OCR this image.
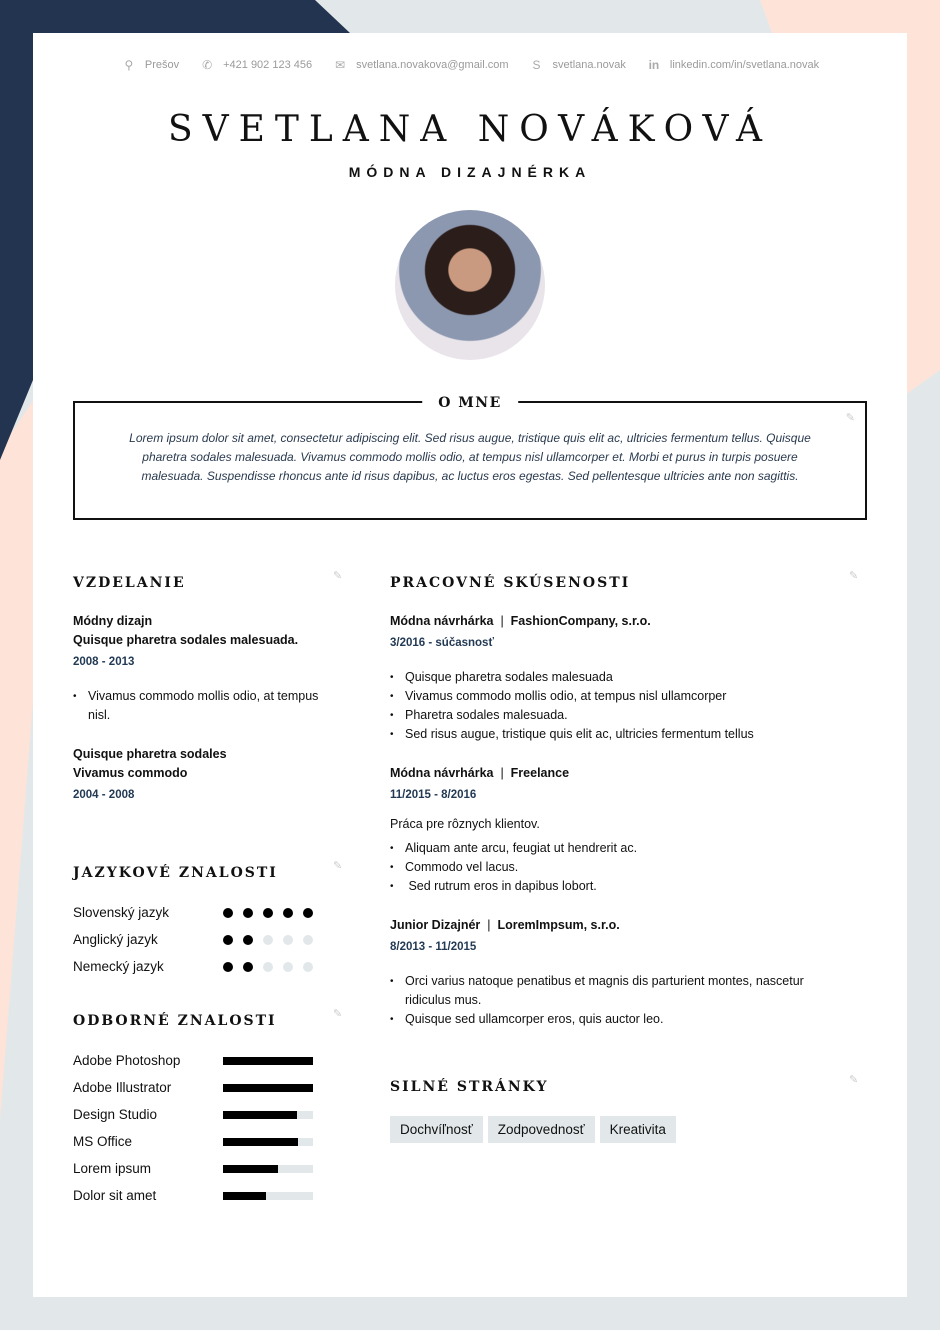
⚲	Prešov ✆ +421 902 123 456 ✉ svetlana.novakova@gmail.com	S	svetlana.novak in linkedin.com/in/svetlana.novak
SVETLANA NOVÁKOVÁ
MÓDNA DIZAJNÉRKA
O MNE
✎

Lorem ipsum dolor sit amet, consectetur adipiscing elit. Sed risus augue, tristique quis elit ac, ultricies fermentum tellus. Quisque pharetra sodales malesuada. Vivamus commodo mollis odio, at tempus nisl ullamcorper et. Morbi et purus in turpis posuere malesuada. Suspendisse rhoncus ante id risus dapibus, ac luctus eros egestas. Sed pellentesque ultricies ante non sagittis.

VZDELANIE	✎
Módny dizajn
Quisque pharetra sodales malesuada.
2008 - 2013
• Vivamus commodo mollis odio, at tempus nisl.
Quisque pharetra sodales
Vivamus commodo
2004 - 2008
JAZYKOVÉ ZNALOSTI	✎
Slovenský jazyk
Anglický jazyk
Nemecký jazyk
ODBORNÉ ZNALOSTI	✎
Adobe Photoshop
Adobe Illustrator
Design Studio
MS Office
Lorem ipsum
Dolor sit amet
PRACOVNÉ SKÚSENOSTI	✎
Módna návrhárka | FashionCompany, s.r.o.
3/2016 - súčasnosť
• Quisque pharetra sodales malesuada
• Vivamus commodo mollis odio, at tempus nisl ullamcorper
• Pharetra sodales malesuada.
• Sed risus augue, tristique quis elit ac, ultricies fermentum tellus
Módna návrhárka | Freelance
11/2015 - 8/2016
Práca pre rôznych klientov.
• Aliquam ante arcu, feugiat ut hendrerit ac.
• Commodo vel lacus.
•  Sed rutrum eros in dapibus lobort.
Junior Dizajnér | LoremImpsum, s.r.o.
8/2013 - 11/2015
• Orci varius natoque penatibus et magnis dis parturient montes, nascetur ridiculus mus.
• Quisque sed ullamcorper eros, quis auctor leo.
SILNÉ STRÁNKY	✎
Dochvíľnosť	Zodpovednosť	Kreativita
